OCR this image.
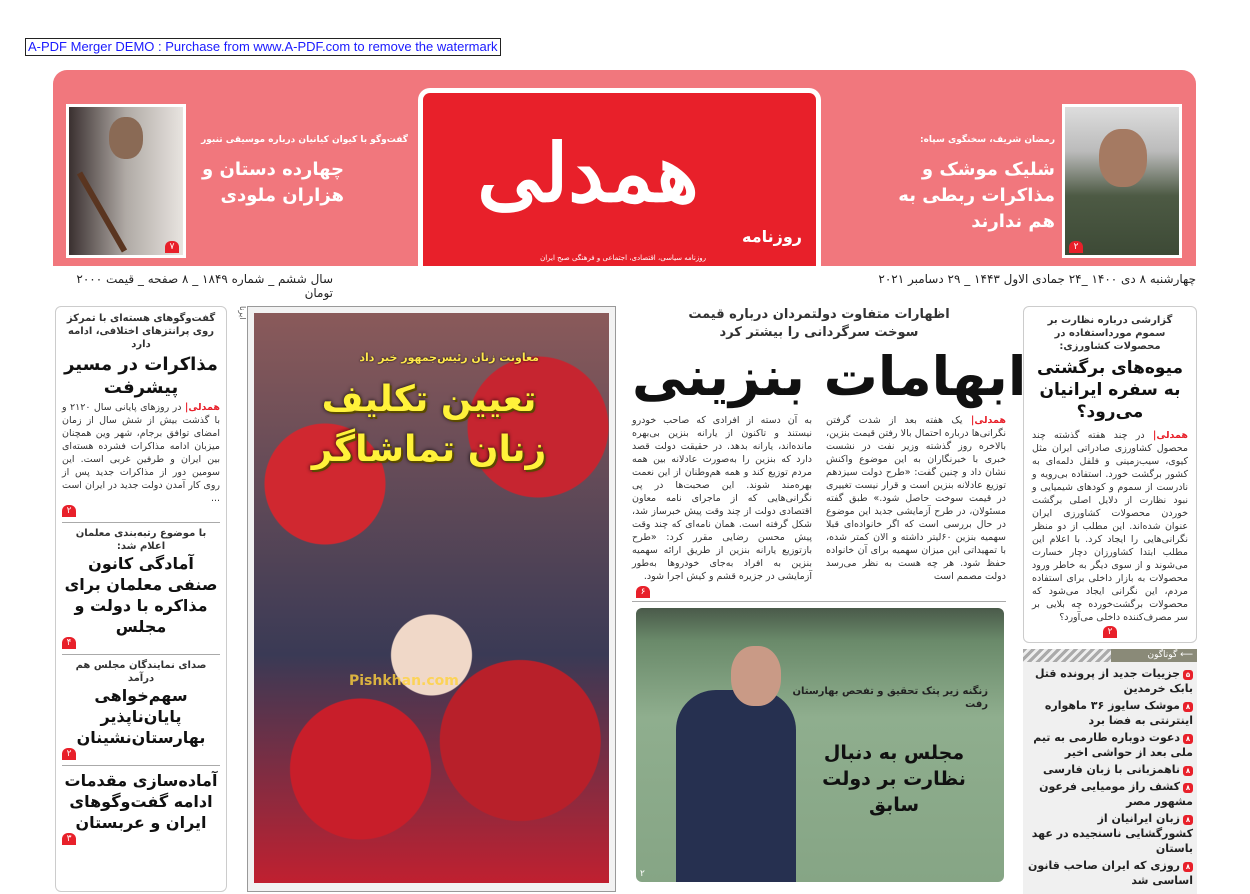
A-PDF Merger DEMO : Purchase from www.A-PDF.com to remove the watermark
۲
رمضان شریف، سخنگوی سپاه:
شلیک موشک و مذاکرات ربطی به هم ندارند
۷
گفت‌وگو با کیوان کیانیان درباره موسیقی تنبور
چهارده دستان و هزاران ملودی	همدلی
روزنامه
روزنامه سیاسی، اقتصادی، اجتماعی و فرهنگی صبح ایران
چهارشنبه ۸ دی ۱۴۰۰ _۲۴ جمادی الاول ۱۴۴۳ _ ۲۹ دسامبر ۲۰۲۱
سال ششم _ شماره ۱۸۴۹ _ ۸ صفحه _ قیمت ۲۰۰۰ تومان
گفت‌وگوهای هسته‌ای با تمرکز روی پرانتزهای اختلافی، ادامه دارد
مذاکرات در مسیر پیشرفت
همدلی| در روزهای پایانی سال ۲۱۲۰ و با گذشت بیش از شش سال از زمان امضای توافق برجام، شهر وین همچنان میزبان ادامه مذاکرات فشرده هسته‌ای بین ایران و طرفین غربی است. این سومین دور از مذاکرات جدید پس از روی کار آمدن دولت جدید در ایران است ...
۲
با موضوع رتبه‌بندی معلمان اعلام شد:
آمادگی کانون صنفی معلمان برای مذاکره با دولت و مجلس
۴
صدای نمایندگان مجلس هم درآمد
سهم‌خواهی پایان‌ناپذیر بهارستان‌نشینان
۲
آماده‌سازی مقدمات ادامه گفت‌وگوهای ایران و عربستان
۳
ایرنا
معاونت زنان رئیس‌جمهور خبر داد
تعیین تکلیف زنان تماشاگر
Pishkhan.com
اظهارات متفاوت دولتمردان درباره قیمت سوخت سرگردانی را بیشتر کرد
ابهامات بنزینی
همدلی| یک هفته بعد از شدت گرفتن نگرانی‌ها درباره احتمال بالا رفتن قیمت بنزین، بالاخره روز گذشته وزیر نفت در نشست خبری با خبرنگاران به این موضوع واکنش نشان داد و چنین گفت: «طرح دولت سیزدهم توزیع عادلانه بنزین است و قرار نیست تغییری در قیمت سوخت حاصل شود.» طبق گفته مسئولان، در طرح آزمایشی جدید این موضوع در حال بررسی است که اگر خانواده‌ای قبلا سهمیه بنزین ۶۰لیتر داشته و الان کمتر شده، با تمهیداتی این میزان سهمیه برای آن خانواده حفظ شود. هر چه هست به نظر می‌رسد دولت مصمم است
به آن دسته از افرادی که صاحب خودرو نیستند و تاکنون از یارانه بنزین بی‌بهره مانده‌اند، یارانه بدهد. در حقیقت دولت قصد دارد که بنزین را به‌صورت عادلانه بین همه مردم توزیع کند و همه هم‌وطنان از این نعمت بهره‌مند شوند. این صحبت‌ها در پی نگرانی‌هایی که از ماجرای نامه معاون اقتصادی دولت از چند وقت پیش خبرساز شد، شکل گرفته است. همان نامه‌ای که چند وقت پیش محسن رضایی مقرر کرد: «طرح بازتوزیع یارانه بنزین از طریق ارائه سهمیه بنزین به افراد به‌جای خودروها به‌طور آزمایشی در جزیره قشم و کیش اجرا شود.
۶
زنگنه زیر پتک تحقیق و تفحص بهارستان رفت
مجلس به دنبال نظارت بر دولت سابق
۲
گزارشی درباره نظارت بر سموم مورداستفاده در محصولات کشاورزی:
میوه‌های برگشتی به سفره ایرانیان می‌رود؟
همدلی| در چند هفته گذشته چند محصول کشاورزی صادراتی ایران مثل کیوی، سیب‌زمینی و فلفل دلمه‌ای به کشور برگشت خورد. استفاده بی‌رویه و نادرست از سموم و کودهای شیمیایی و نبود نظارت از دلایل اصلی برگشت خوردن محصولات کشاورزی ایران عنوان شده‌اند. این مطلب از دو منظر نگرانی‌هایی را ایجاد کرد. با اعلام این مطلب ابتدا کشاورزان دچار خسارت می‌شوند و از سوی دیگر به خاطر ورود محصولات به بازار داخلی برای استفاده مردم، این نگرانی ایجاد می‌شود که محصولات برگشت‌خورده چه بلایی بر سر مصرف‌کننده داخلی می‌آورد؟
۲
⟵ گوناگون
۵جزییات جدید از پرونده قتل بابک خرمدین
۸موشک سایوز ۳۶ ماهواره اینترنتی به فضا برد
۸دعوت دوباره طارمی به تیم ملی بعد از حواشی اخیر
۸ناهمزبانی با زبان فارسی
۸کشف راز مومیایی فرعون مشهور مصر
۸زبان ایرانیان از کشورگشایی ناسنجیده در عهد باستان
۸روزی که ایران صاحب قانون اساسی شد
